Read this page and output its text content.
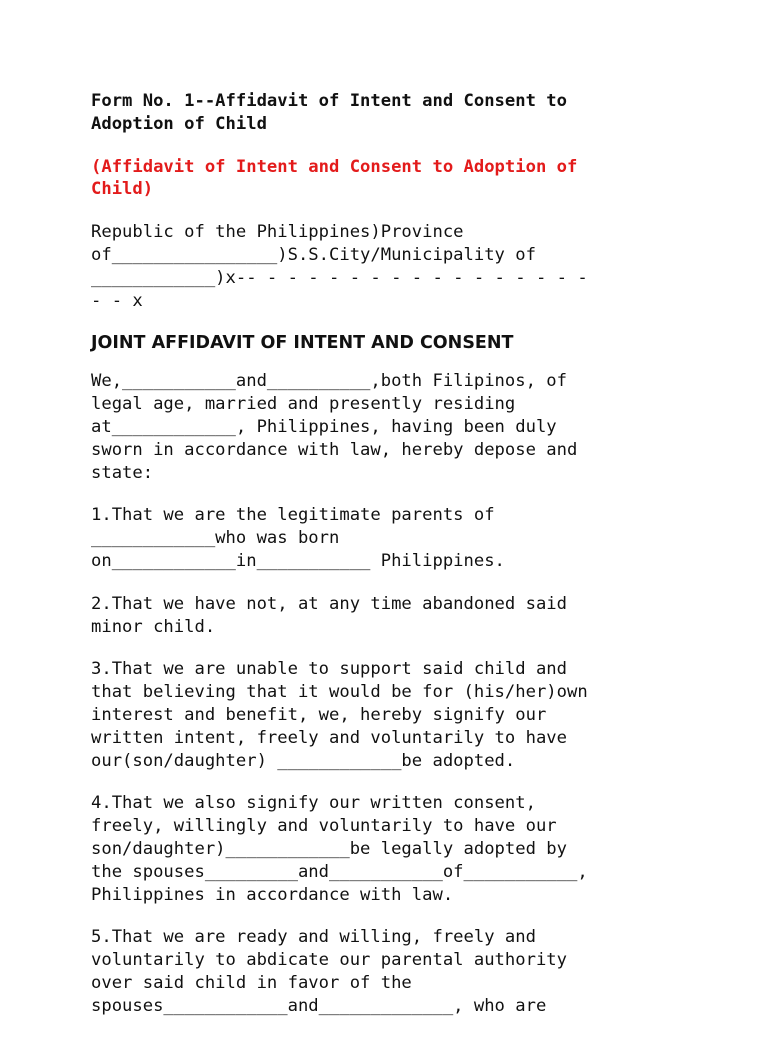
Form No. 1--Affidavit of Intent and Consent to
Adoption of Child
(Affidavit of Intent and Consent to Adoption of
Child)
Republic of the Philippines)Province
of________________)S.S.City/Municipality of
____________)x-- - - - - - - - - - - - - - - - -
- - x
JOINT AFFIDAVIT OF INTENT AND CONSENT
We,___________and__________,both Filipinos, of
legal age, married and presently residing
at____________, Philippines, having been duly
sworn in accordance with law, hereby depose and
state:
1.That we are the legitimate parents of
____________who was born
on____________in___________ Philippines.
2.That we have not, at any time abandoned said
minor child.
3.That we are unable to support said child and
that believing that it would be for (his/her)own
interest and benefit, we, hereby signify our
written intent, freely and voluntarily to have
our(son/daughter) ____________be adopted.
4.That we also signify our written consent,
freely, willingly and voluntarily to have our
son/daughter)____________be legally adopted by
the spouses_________and___________of___________,
Philippines in accordance with law.
5.That we are ready and willing, freely and
voluntarily to abdicate our parental authority
over said child in favor of the
spouses____________and_____________, who are
